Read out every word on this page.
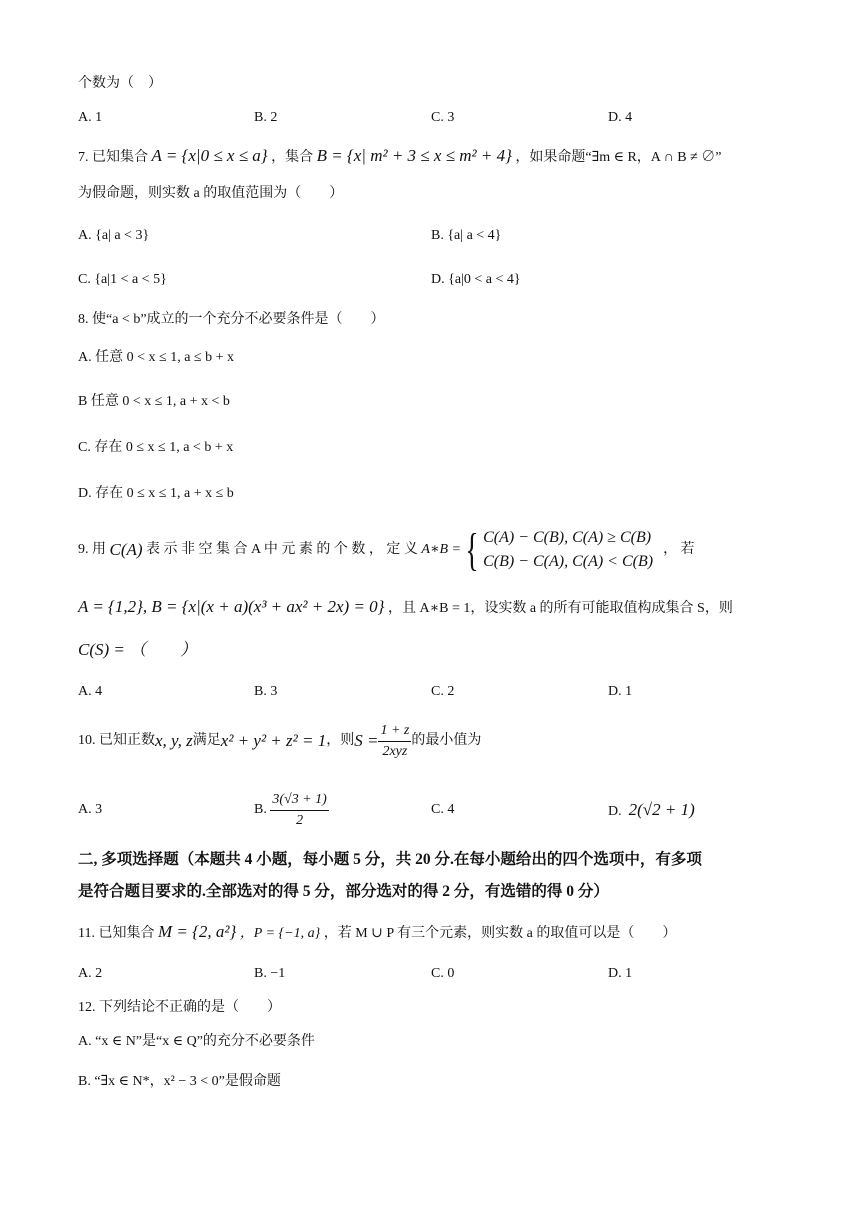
个数为（　）
A. 1	B. 2	C. 3	D. 4
7. 已知集合 A = {x|0 ≤ x ≤ a} ，集合 B = {x| m² + 3 ≤ x ≤ m² + 4} ，如果命题“∃m ∈ R，A ∩ B ≠ ∅”
为假命题，则实数 a 的取值范围为（　　）
A. {a| a < 3}	B. {a| a < 4}
C. {a|1 < a < 5}	D. {a|0 < a < 4}
8. 使“a < b”成立的一个充分不必要条件是（　　）
A. 任意 0 < x ≤ 1, a ≤ b + x
B 任意 0 < x ≤ 1, a + x < b
C. 存在 0 ≤ x ≤ 1, a < b + x
D. 存在 0 ≤ x ≤ 1, a + x ≤ b
9. 用
C(A)
表 示 非 空 集 合 A 中 元 素 的 个 数 ， 定 义
A∗B = { C(A) − C(B), C(A) ≥ C(B)
C(B) − C(A), C(A) < C(B)
， 若
A = {1,2}, B = {x|(x + a)(x³ + ax² + 2x) = 0} ，且 A∗B = 1，设实数 a 的所有可能取值构成集合 S，则
C(S) = （　　）
A. 4	B. 3	C. 2	D. 1
10. 已知正数 x, y, z 满足 x² + y² + z² = 1 ，则 $S = \frac{1 + z}{\text{2xyz}}$ 的最小值为
A. 3	B.
$\frac{3(√3 + 1)}{2}$	C. 4	D. 2(√2 + 1)
二, 多项选择题（本题共 4 小题，每小题 5 分，共 20 分.在每小题给出的四个选项中，有多项
是符合题目要求的.全部选对的得 5 分，部分选对的得 2 分，有选错的得 0 分）
11. 已知集合 M = {2, a²} ，P = {−1, a} ，若 M ∪ P 有三个元素，则实数 a 的取值可以是（　　）
A. 2	B. −1	C. 0	D. 1
12. 下列结论不正确的是（　　）
A. “x ∈ N”是“x ∈ Q”的充分不必要条件
B. “∃x ∈ N*，x² − 3 < 0”是假命题
